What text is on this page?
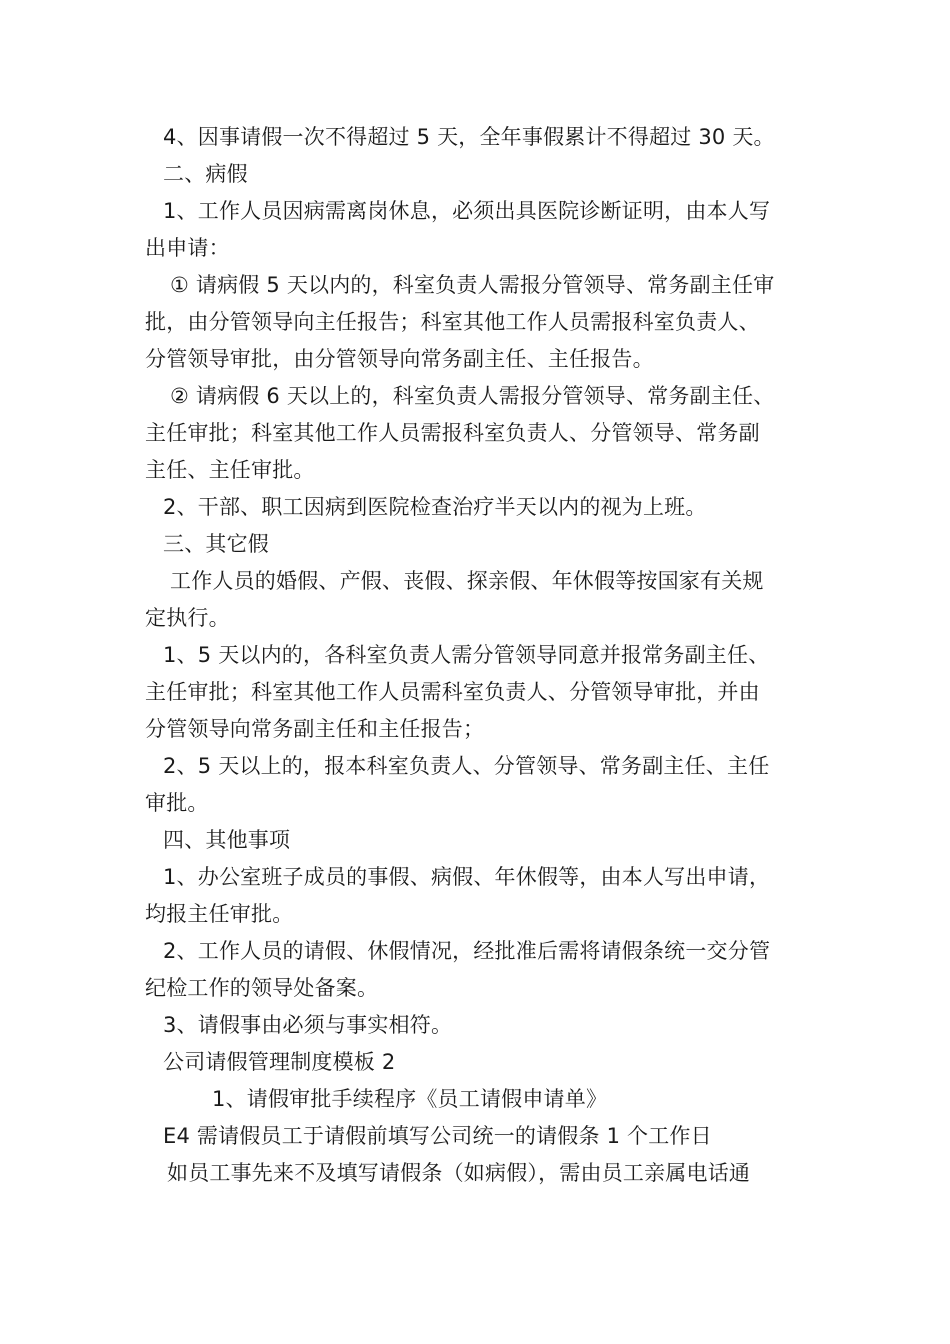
4、因事请假一次不得超过 5 天，全年事假累计不得超过 30 天。
二、病假
1、工作人员因病需离岗休息，必须出具医院诊断证明，由本人写
出申请：
① 请病假 5 天以内的，科室负责人需报分管领导、常务副主任审
批，由分管领导向主任报告；科室其他工作人员需报科室负责人、
分管领导审批，由分管领导向常务副主任、主任报告。
② 请病假 6 天以上的，科室负责人需报分管领导、常务副主任、
主任审批；科室其他工作人员需报科室负责人、分管领导、常务副
主任、主任审批。
2、干部、职工因病到医院检查治疗半天以内的视为上班。
三、其它假
工作人员的婚假、产假、丧假、探亲假、年休假等按国家有关规
定执行。
1、5 天以内的，各科室负责人需分管领导同意并报常务副主任、
主任审批；科室其他工作人员需科室负责人、分管领导审批，并由
分管领导向常务副主任和主任报告；
2、5 天以上的，报本科室负责人、分管领导、常务副主任、主任
审批。
四、其他事项
1、办公室班子成员的事假、病假、年休假等，由本人写出申请，
均报主任审批。
2、工作人员的请假、休假情况，经批准后需将请假条统一交分管
纪检工作的领导处备案。
3、请假事由必须与事实相符。
公司请假管理制度模板 2
1、请假审批手续程序《员工请假申请单》
E4 需请假员工于请假前填写公司统一的请假条 1 个工作日
如员工事先来不及填写请假条（如病假），需由员工亲属电话通
